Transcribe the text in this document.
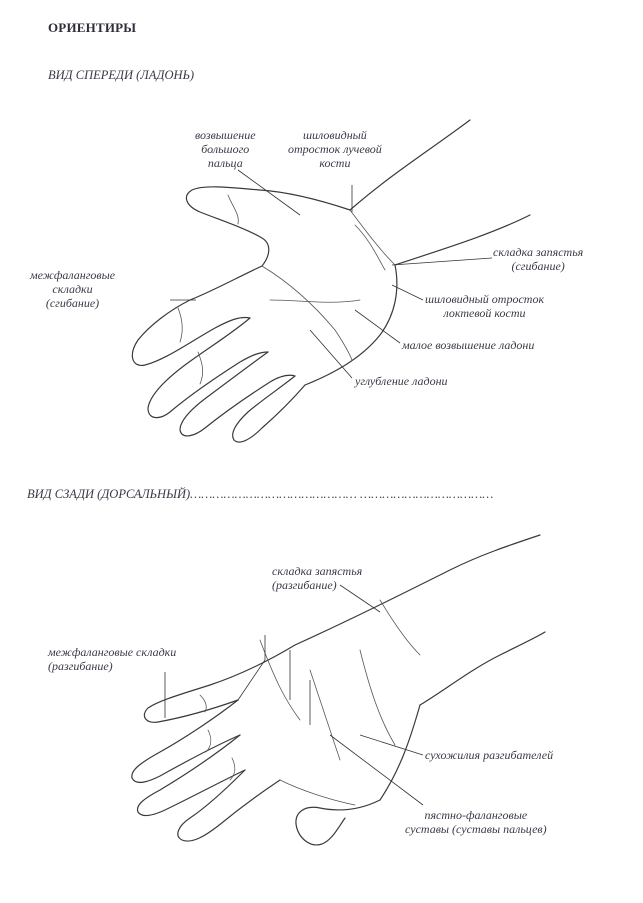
ОРИЕНТИРЫ
ВИД СПЕРЕДИ (ЛАДОНЬ)
возвышение
большого
пальца
шиловидный
отросток лучевой
кости
складка запястья
(сгибание)
межфаланговые
складки
(сгибание)	шиловидный отросток
локтевой кости
малое возвышение ладони
углубление ладони
ВИД СЗАДИ (ДОРСАЛЬНЫЙ)……………………………………… ………………………………
складка запястья
(разгибание)
межфаланговые складки
(разгибание)
сухожилия разгибателей
пястно-фаланговые
суставы (суставы пальцев)
